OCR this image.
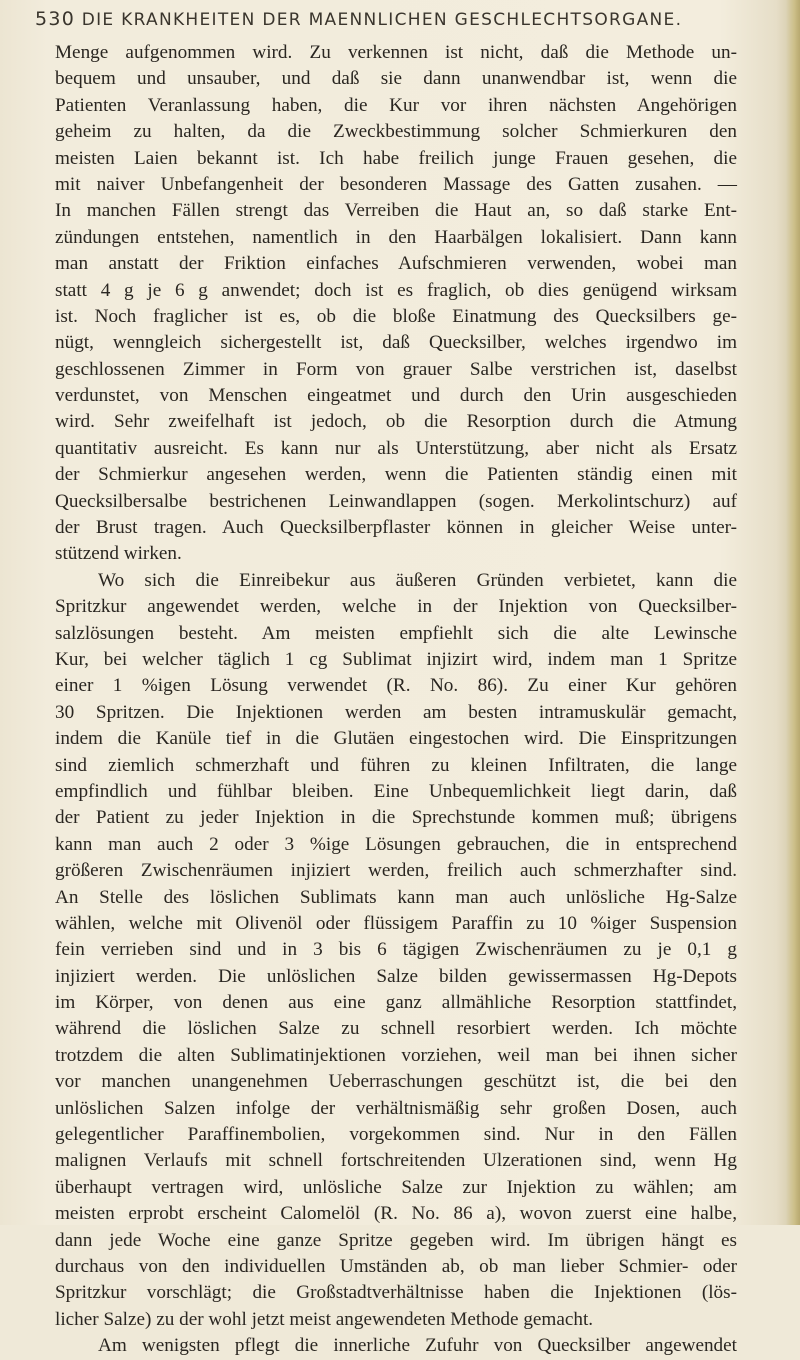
530 DIE KRANKHEITEN DER MAENNLICHEN GESCHLECHTSORGANE.
Menge aufgenommen wird. Zu verkennen ist nicht, daß die Methode un-
bequem und unsauber, und daß sie dann unanwendbar ist, wenn die
Patienten Veranlassung haben, die Kur vor ihren nächsten Angehörigen
geheim zu halten, da die Zweckbestimmung solcher Schmierkuren den
meisten Laien bekannt ist. Ich habe freilich junge Frauen gesehen, die
mit naiver Unbefangenheit der besonderen Massage des Gatten zusahen. —
In manchen Fällen strengt das Verreiben die Haut an, so daß starke Ent-
zündungen entstehen, namentlich in den Haarbälgen lokalisiert. Dann kann
man anstatt der Friktion einfaches Aufschmieren verwenden, wobei man
statt 4 g je 6 g anwendet; doch ist es fraglich, ob dies genügend wirksam
ist. Noch fraglicher ist es, ob die bloße Einatmung des Quecksilbers ge-
nügt, wenngleich sichergestellt ist, daß Quecksilber, welches irgendwo im
geschlossenen Zimmer in Form von grauer Salbe verstrichen ist, daselbst
verdunstet, von Menschen eingeatmet und durch den Urin ausgeschieden
wird. Sehr zweifelhaft ist jedoch, ob die Resorption durch die Atmung
quantitativ ausreicht. Es kann nur als Unterstützung, aber nicht als Ersatz
der Schmierkur angesehen werden, wenn die Patienten ständig einen mit
Quecksilbersalbe bestrichenen Leinwandlappen (sogen. Merkolintschurz) auf
der Brust tragen. Auch Quecksilberpflaster können in gleicher Weise unter-
stützend wirken.
Wo sich die Einreibekur aus äußeren Gründen verbietet, kann die
Spritzkur angewendet werden, welche in der Injektion von Quecksilber-
salzlösungen besteht. Am meisten empfiehlt sich die alte Lewinsche
Kur, bei welcher täglich 1 cg Sublimat injizirt wird, indem man 1 Spritze
einer 1 %igen Lösung verwendet (R. No. 86). Zu einer Kur gehören
30 Spritzen. Die Injektionen werden am besten intramuskulär gemacht,
indem die Kanüle tief in die Glutäen eingestochen wird. Die Einspritzungen
sind ziemlich schmerzhaft und führen zu kleinen Infiltraten, die lange
empfindlich und fühlbar bleiben. Eine Unbequemlichkeit liegt darin, daß
der Patient zu jeder Injektion in die Sprechstunde kommen muß; übrigens
kann man auch 2 oder 3 %ige Lösungen gebrauchen, die in entsprechend
größeren Zwischenräumen injiziert werden, freilich auch schmerzhafter sind.
An Stelle des löslichen Sublimats kann man auch unlösliche Hg-Salze
wählen, welche mit Olivenöl oder flüssigem Paraffin zu 10 %iger Suspension
fein verrieben sind und in 3 bis 6 tägigen Zwischenräumen zu je 0,1 g
injiziert werden. Die unlöslichen Salze bilden gewissermassen Hg-Depots
im Körper, von denen aus eine ganz allmähliche Resorption stattfindet,
während die löslichen Salze zu schnell resorbiert werden. Ich möchte
trotzdem die alten Sublimatinjektionen vorziehen, weil man bei ihnen sicher
vor manchen unangenehmen Ueberraschungen geschützt ist, die bei den
unlöslichen Salzen infolge der verhältnismäßig sehr großen Dosen, auch
gelegentlicher Paraffinembolien, vorgekommen sind. Nur in den Fällen
malignen Verlaufs mit schnell fortschreitenden Ulzerationen sind, wenn Hg
überhaupt vertragen wird, unlösliche Salze zur Injektion zu wählen; am
meisten erprobt erscheint Calomelöl (R. No. 86 a), wovon zuerst eine halbe,
dann jede Woche eine ganze Spritze gegeben wird. Im übrigen hängt es
durchaus von den individuellen Umständen ab, ob man lieber Schmier- oder
Spritzkur vorschlägt; die Großstadtverhältnisse haben die Injektionen (lös-
licher Salze) zu der wohl jetzt meist angewendeten Methode gemacht.
Am wenigsten pflegt die innerliche Zufuhr von Quecksilber angewendet
